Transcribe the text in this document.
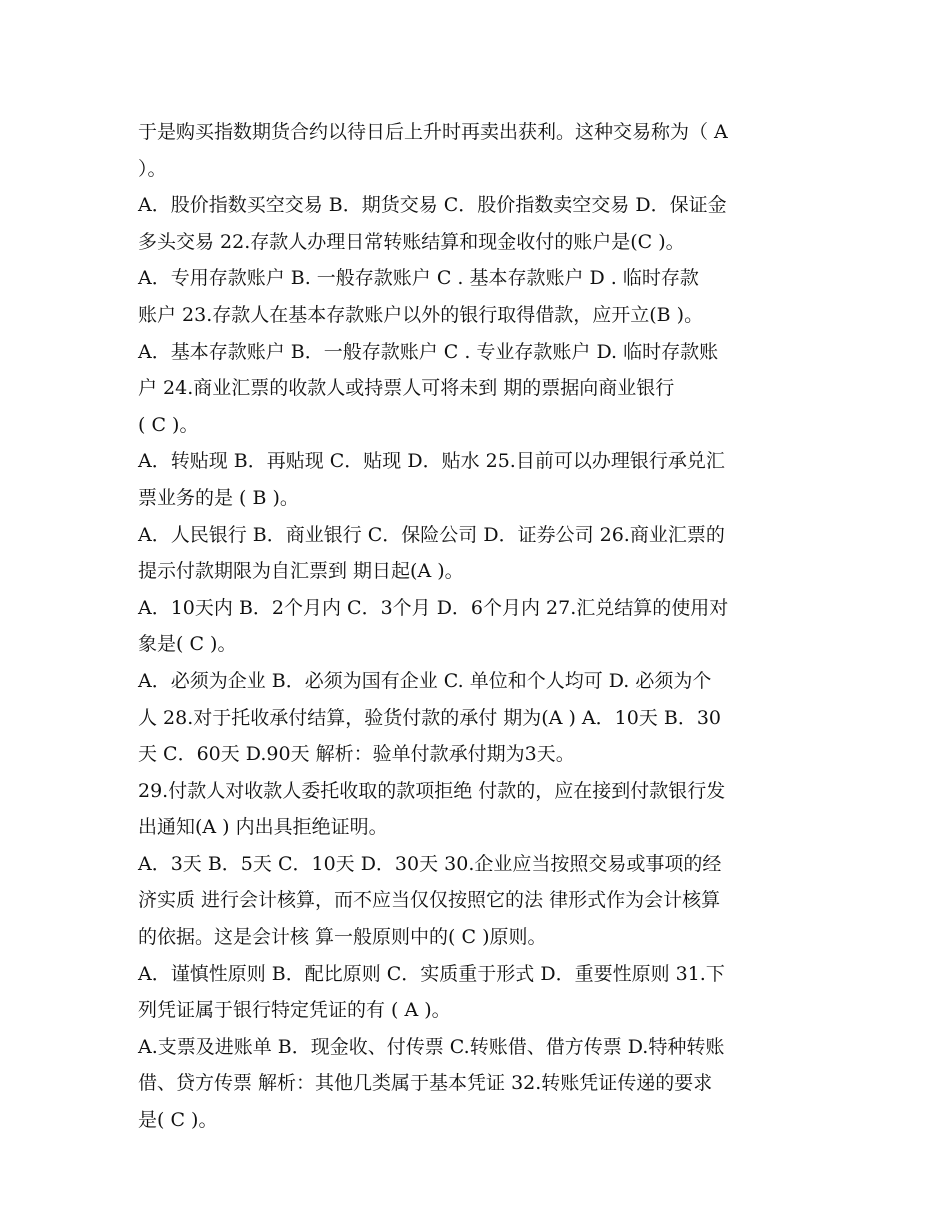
于是购买指数期货合约以待日后上升时再卖出获利。这种交易称为（ A
）。
A．股价指数买空交易 B．期货交易 C．股价指数卖空交易 D．保证金
多头交易 22.存款人办理日常转账结算和现金收付的账户是(C )。
A．专用存款账户 B. 一般存款账户 C . 基本存款账户 D . 临时存款
账户 23.存款人在基本存款账户以外的银行取得借款，应开立(B )。
A．基本存款账户 B．一般存款账户 C . 专业存款账户 D. 临时存款账
户 24.商业汇票的收款人或持票人可将未到 期的票据向商业银行
( C )。
A．转贴现 B．再贴现 C．贴现 D．贴水 25.目前可以办理银行承兑汇
票业务的是 ( B )。
A．人民银行 B．商业银行 C．保险公司 D．证券公司 26.商业汇票的
提示付款期限为自汇票到 期日起(A )。
A．10天内 B．2个月内 C．3个月 D．6个月内 27.汇兑结算的使用对
象是( C )。
A．必须为企业 B．必须为国有企业 C. 单位和个人均可 D. 必须为个
人 28.对于托收承付结算，验货付款的承付 期为(A ) A．10天 B．30
天 C．60天 D.90天 解析：验单付款承付期为3天。
29.付款人对收款人委托收取的款项拒绝 付款的，应在接到付款银行发
出通知(A ) 内出具拒绝证明。
A．3天 B．5天 C．10天 D．30天 30.企业应当按照交易或事项的经
济实质 进行会计核算，而不应当仅仅按照它的法 律形式作为会计核算
的依据。这是会计核 算一般原则中的( C )原则。
A．谨慎性原则 B．配比原则 C．实质重于形式 D．重要性原则 31.下
列凭证属于银行特定凭证的有 ( A )。
A.支票及进账单 B．现金收、付传票 C.转账借、借方传票 D.特种转账
借、贷方传票 解析：其他几类属于基本凭证 32.转账凭证传递的要求
是( C )。
